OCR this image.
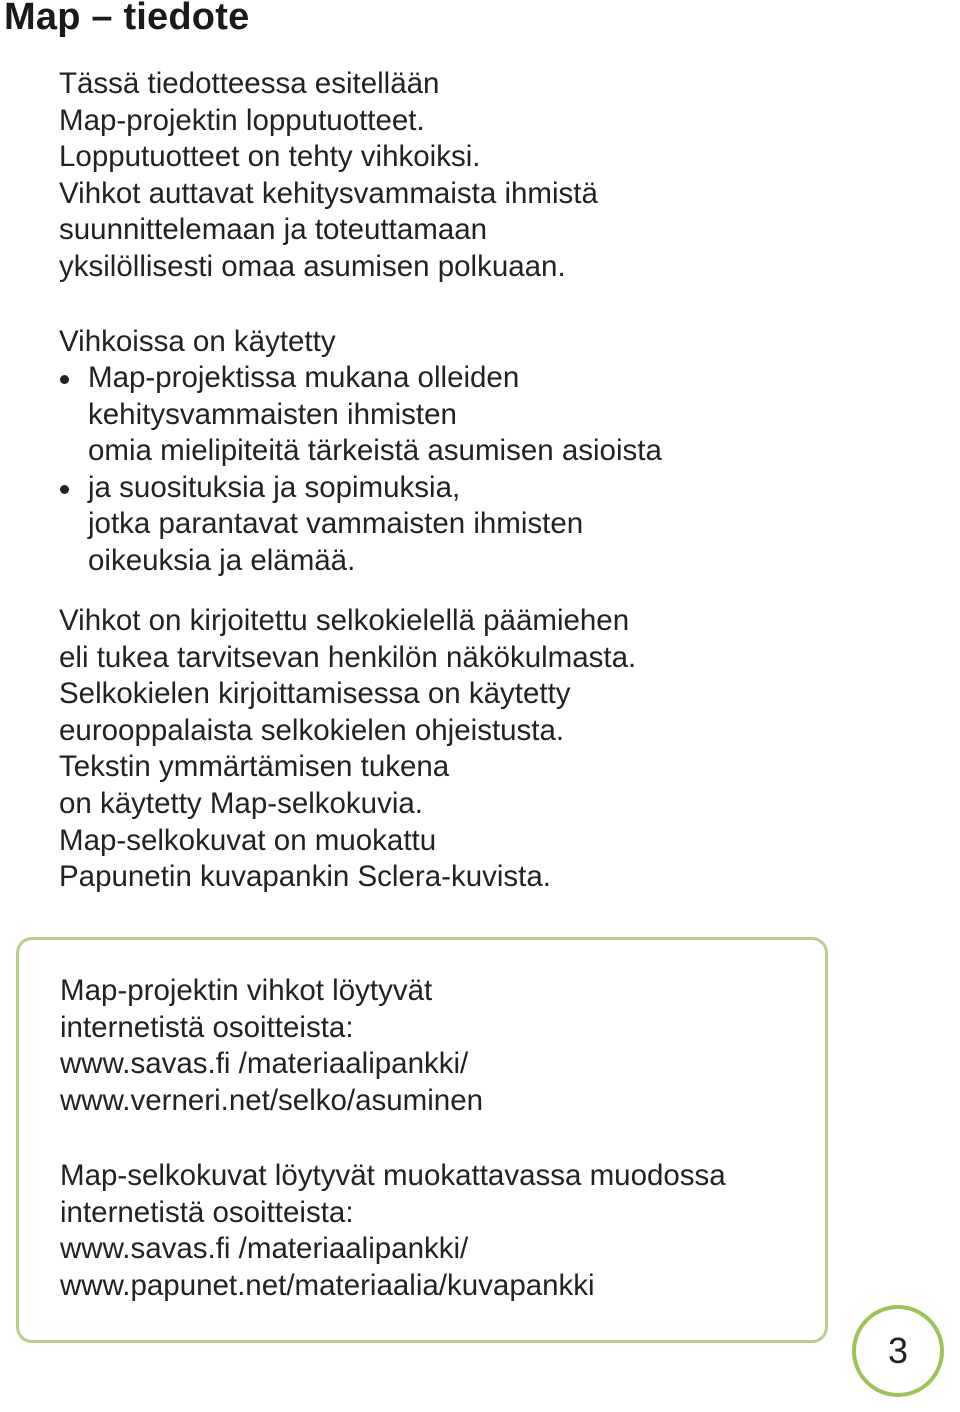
Map – tiedote

Tässä tiedotteessa esitellään
Map-projektin lopputuotteet.
Lopputuotteet on tehty vihkoiksi.
Vihkot auttavat kehitysvammaista ihmistä
suunnittelemaan ja toteuttamaan
yksilöllisesti omaa asumisen polkuaan.

Vihkoissa on käytetty

Map-projektissa mukana olleiden
kehitysvammaisten ihmisten
omia mielipiteitä tärkeistä asumisen asioista
ja suosituksia ja sopimuksia,
jotka parantavat vammaisten ihmisten
oikeuksia ja elämää.

Vihkot on kirjoitettu selkokielellä päämiehen
eli tukea tarvitsevan henkilön näkökulmasta.
Selkokielen kirjoittamisessa on käytetty
eurooppalaista selkokielen ohjeistusta.
Tekstin ymmärtämisen tukena
on käytetty Map-selkokuvia.
Map-selkokuvat on muokattu
Papunetin kuvapankin Sclera-kuvista.

Map-projektin vihkot löytyvät
internetistä osoitteista:
www.savas.fi /materiaalipankki/
www.verneri.net/selko/asuminen

Map-selkokuvat löytyvät muokattavassa muodossa
internetistä osoitteista:
www.savas.fi /materiaalipankki/
www.papunet.net/materiaalia/kuvapankki

3
